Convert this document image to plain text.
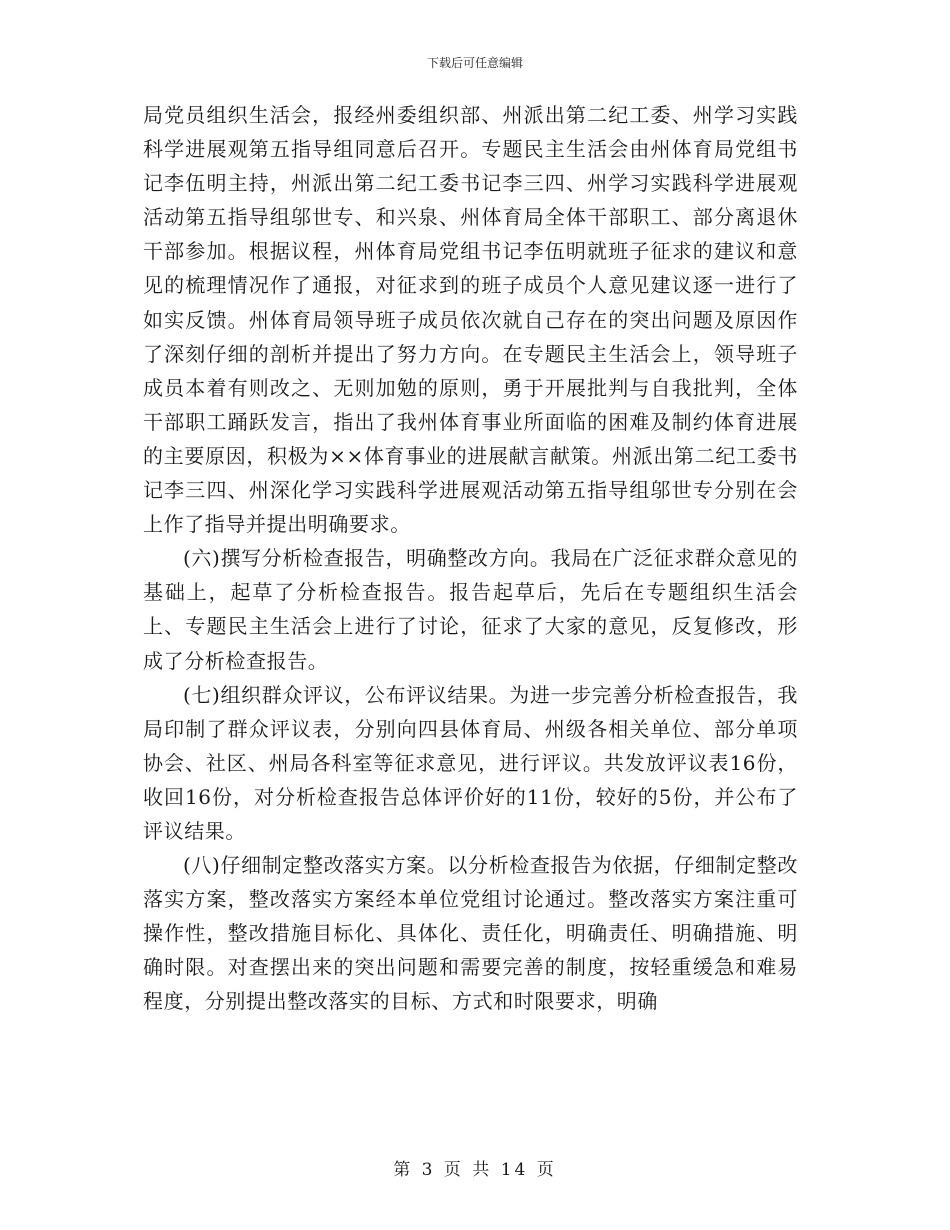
下载后可任意编辑

局党员组织生活会，报经州委组织部、州派出第二纪工委、州学习实践科学进展观第五指导组同意后召开。专题民主生活会由州体育局党组书记李伍明主持，州派出第二纪工委书记李三四、州学习实践科学进展观活动第五指导组邬世专、和兴泉、州体育局全体干部职工、部分离退休干部参加。根据议程，州体育局党组书记李伍明就班子征求的建议和意见的梳理情况作了通报，对征求到的班子成员个人意见建议逐一进行了如实反馈。州体育局领导班子成员依次就自己存在的突出问题及原因作了深刻仔细的剖析并提出了努力方向。在专题民主生活会上，领导班子成员本着有则改之、无则加勉的原则，勇于开展批判与自我批判，全体干部职工踊跃发言，指出了我州体育事业所面临的困难及制约体育进展的主要原因，积极为××体育事业的进展献言献策。州派出第二纪工委书记李三四、州深化学习实践科学进展观活动第五指导组邬世专分别在会上作了指导并提出明确要求。

(六)撰写分析检查报告，明确整改方向。我局在广泛征求群众意见的基础上，起草了分析检查报告。报告起草后，先后在专题组织生活会上、专题民主生活会上进行了讨论，征求了大家的意见，反复修改，形成了分析检查报告。

(七)组织群众评议，公布评议结果。为进一步完善分析检查报告，我局印制了群众评议表，分别向四县体育局、州级各相关单位、部分单项协会、社区、州局各科室等征求意见，进行评议。共发放评议表16份，收回16份，对分析检查报告总体评价好的11份，较好的5份，并公布了评议结果。

(八)仔细制定整改落实方案。以分析检查报告为依据，仔细制定整改落实方案，整改落实方案经本单位党组讨论通过。整改落实方案注重可操作性，整改措施目标化、具体化、责任化，明确责任、明确措施、明确时限。对查摆出来的突出问题和需要完善的制度，按轻重缓急和难易程度，分别提出整改落实的目标、方式和时限要求，明确

第 3 页 共 14 页
